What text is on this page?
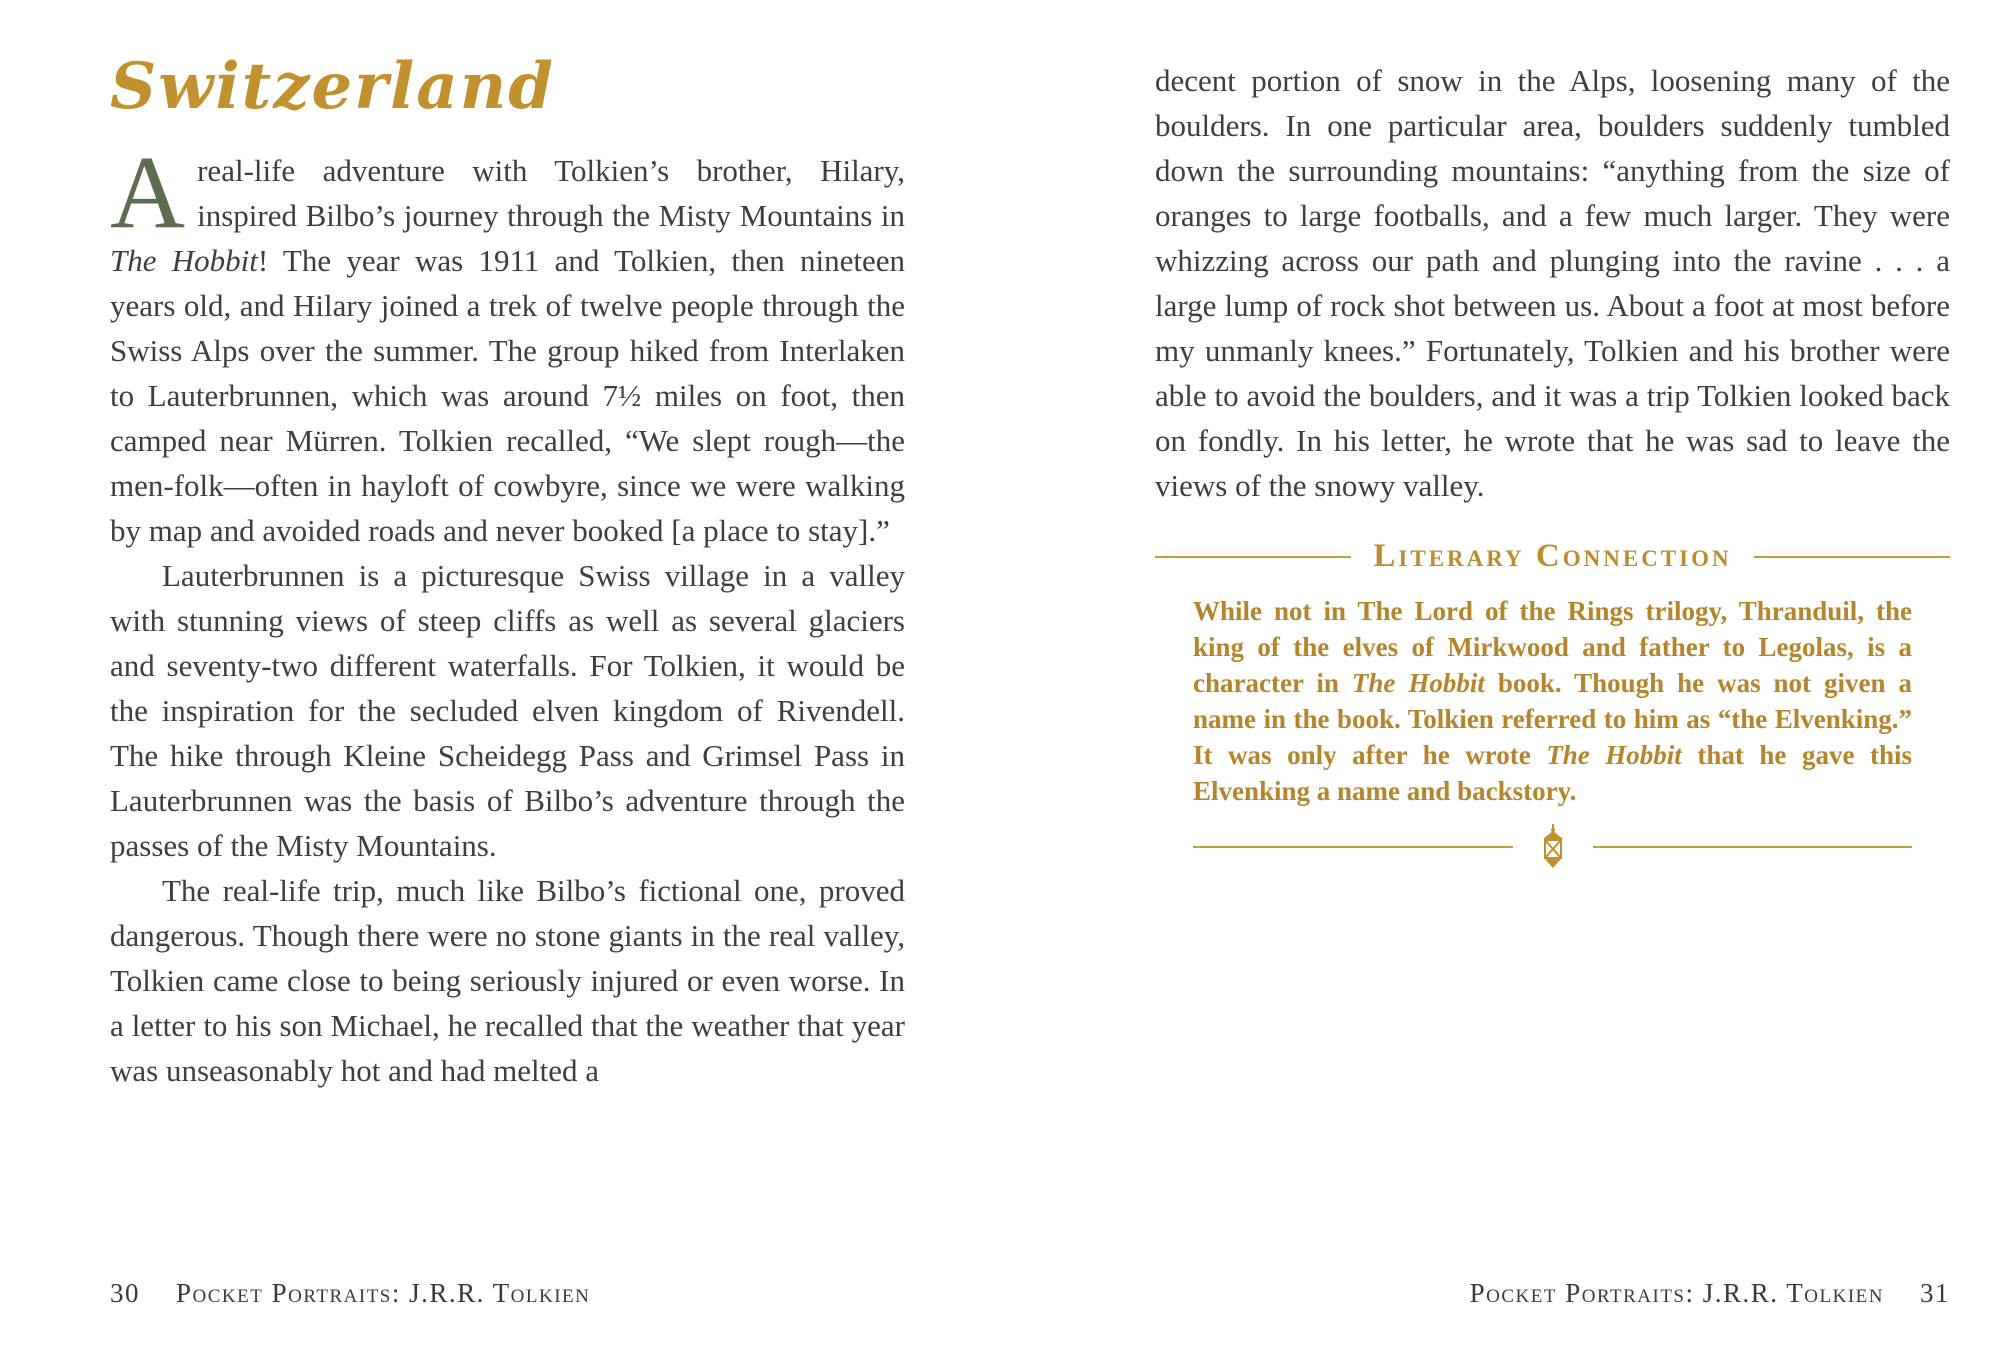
Switzerland

Areal-life adventure with Tolkien’s brother, Hilary, inspired Bilbo’s journey through the Misty Mountains in The Hobbit! The year was 1911 and Tolkien, then nineteen years old, and Hilary joined a trek of twelve people through the Swiss Alps over the summer. The group hiked from Interlaken to Lauterbrunnen, which was around 7½ miles on foot, then camped near Mürren. Tolkien recalled, “We slept rough—the men-folk—often in hayloft of cowbyre, since we were walking by map and avoided roads and never booked [a place to stay].”

Lauterbrunnen is a picturesque Swiss village in a valley with stunning views of steep cliffs as well as several glaciers and seventy-two different waterfalls. For Tolkien, it would be the inspiration for the secluded elven kingdom of Rivendell. The hike through Kleine Scheidegg Pass and Grimsel Pass in Lauterbrunnen was the basis of Bilbo’s adventure through the passes of the Misty Mountains.

The real-life trip, much like Bilbo’s fictional one, proved dangerous. Though there were no stone giants in the real valley, Tolkien came close to being seriously injured or even worse. In a letter to his son Michael, he recalled that the weather that year was unseasonably hot and had melted a

30 Pocket Portraits: J.R.R. Tolkien

decent portion of snow in the Alps, loosening many of the boulders. In one particular area, boulders suddenly tumbled down the surrounding mountains: “anything from the size of oranges to large footballs, and a few much larger. They were whizzing across our path and plunging into the ravine . . . a large lump of rock shot between us. About a foot at most before my unmanly knees.” Fortunately, Tolkien and his brother were able to avoid the boulders, and it was a trip Tolkien looked back on fondly. In his letter, he wrote that he was sad to leave the views of the snowy valley.

Literary Connection

While not in The Lord of the Rings trilogy, Thranduil, the king of the elves of Mirkwood and father to Legolas, is a character in The Hobbit book. Though he was not given a name in the book. Tolkien referred to him as “the Elvenking.” It was only after he wrote The Hobbit that he gave this Elvenking a name and backstory.

Pocket Portraits: J.R.R. Tolkien 31
